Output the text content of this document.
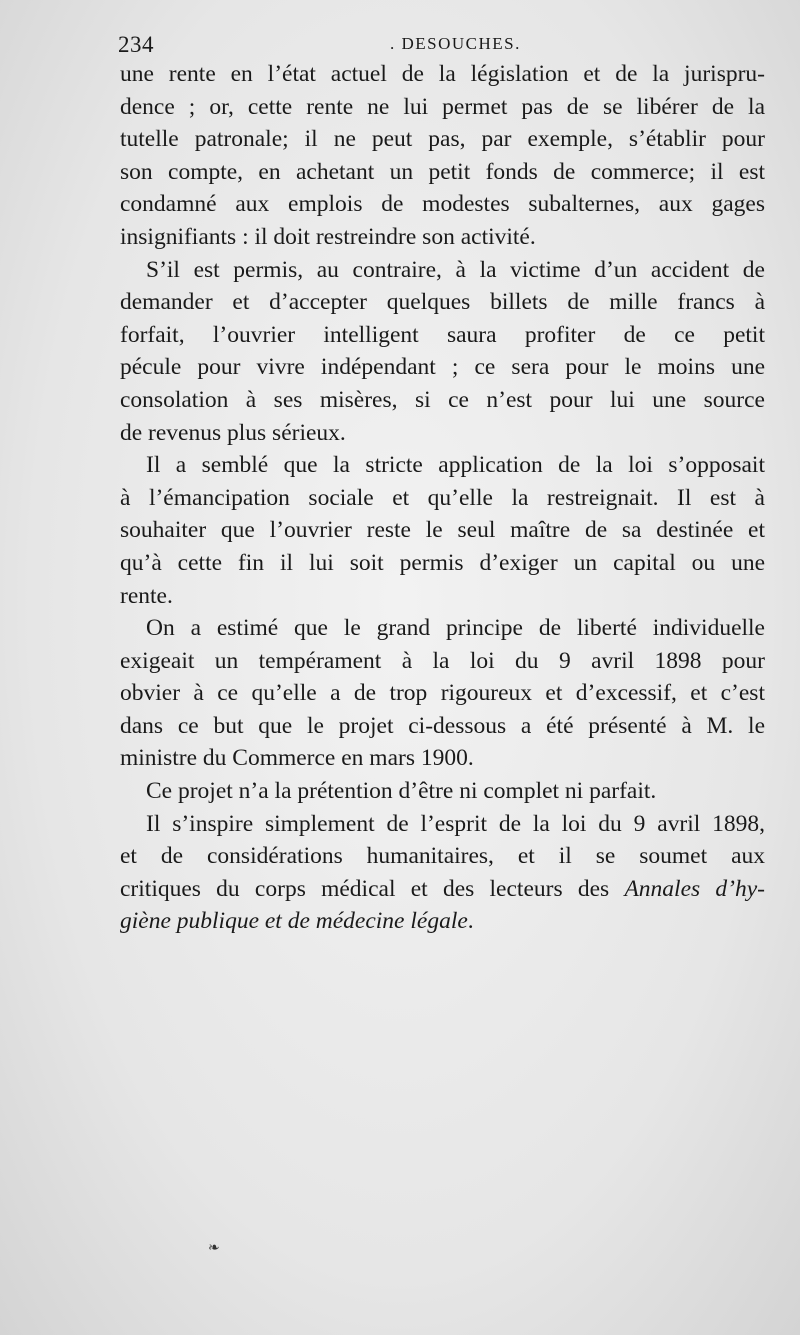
234	. DESOUCHES.
une rente en l’état actuel de la législation et de la jurispru-
dence ; or, cette rente ne lui permet pas de se libérer de la
tutelle patronale; il ne peut pas, par exemple, s’établir pour
son compte, en achetant un petit fonds de commerce; il est
condamné aux emplois de modestes subalternes, aux gages
insignifiants : il doit restreindre son activité.
S’il est permis, au contraire, à la victime d’un accident de
demander et d’accepter quelques billets de mille francs à
forfait, l’ouvrier intelligent saura profiter de ce petit
pécule pour vivre indépendant ; ce sera pour le moins une
consolation à ses misères, si ce n’est pour lui une source
de revenus plus sérieux.
Il a semblé que la stricte application de la loi s’opposait
à l’émancipation sociale et qu’elle la restreignait. Il est à
souhaiter que l’ouvrier reste le seul maître de sa destinée et
qu’à cette fin il lui soit permis d’exiger un capital ou une
rente.
On a estimé que le grand principe de liberté individuelle
exigeait un tempérament à la loi du 9 avril 1898 pour
obvier à ce qu’elle a de trop rigoureux et d’excessif, et c’est
dans ce but que le projet ci-dessous a été présenté à M. le
ministre du Commerce en mars 1900.
Ce projet n’a la prétention d’être ni complet ni parfait.
Il s’inspire simplement de l’esprit de la loi du 9 avril 1898,
et de considérations humanitaires, et il se soumet aux
critiques du corps médical et des lecteurs des Annales d’hy-
giène publique et de médecine légale.
❧
